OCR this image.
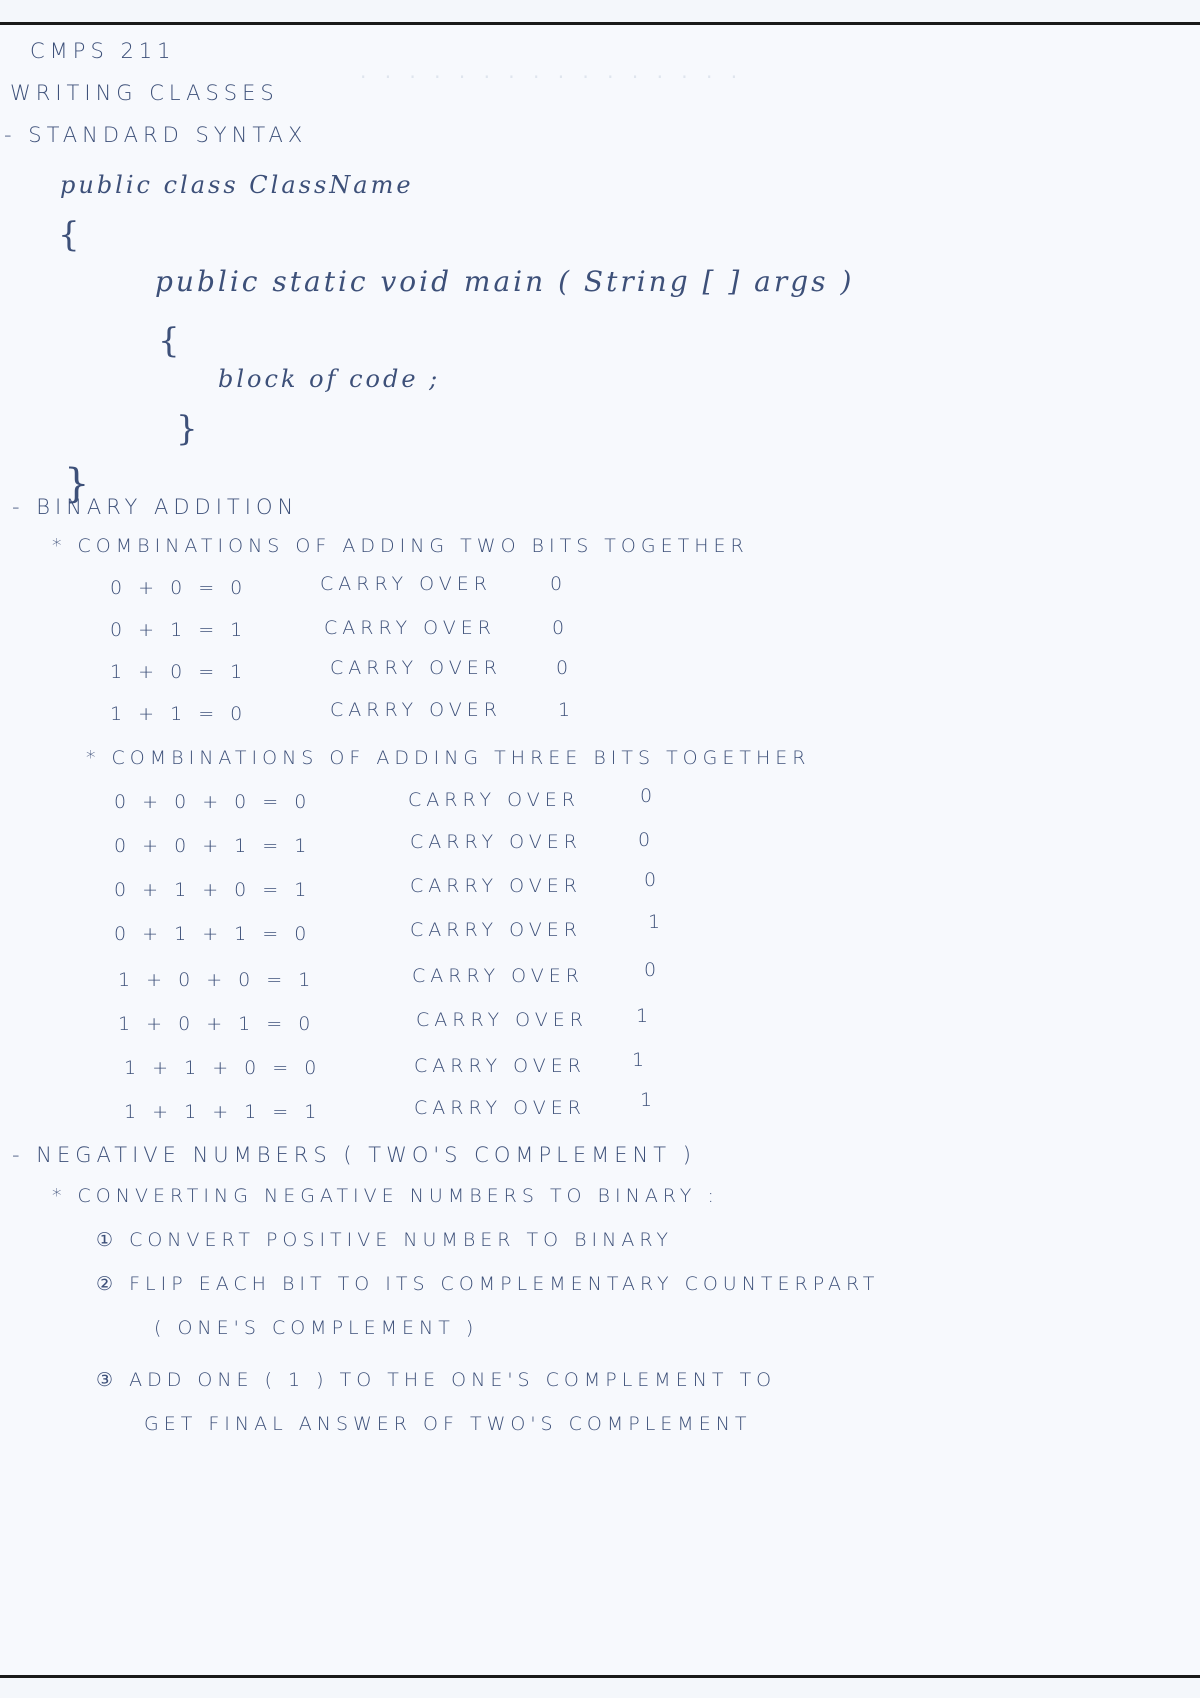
· · · · · · · · · · · · · · · ·
CMPS 211
WRITING CLASSES
- STANDARD SYNTAX
public class ClassName
{
public static void main ( String [ ] args )
{
block of code ;
}
}
- BINARY ADDITION
* COMBINATIONS OF ADDING TWO BITS TOGETHER
0 + 0 = 0	CARRY OVER	0
0 + 1 = 1	CARRY OVER	0
1 + 0 = 1	CARRY OVER	0
1 + 1 = 0	CARRY OVER	1
* COMBINATIONS OF ADDING THREE BITS TOGETHER
0 + 0 + 0 = 0	CARRY OVER	0
0 + 0 + 1 = 1	CARRY OVER	0
0 + 1 + 0 = 1	CARRY OVER	0
0 + 1 + 1 = 0	CARRY OVER	1
1 + 0 + 0 = 1	CARRY OVER	0
1 + 0 + 1 = 0	CARRY OVER	1
1 + 1 + 0 = 0	CARRY OVER 1
1 + 1 + 1 = 1	CARRY OVER	1
- NEGATIVE NUMBERS ( TWO'S COMPLEMENT )
* CONVERTING NEGATIVE NUMBERS TO BINARY :
① CONVERT POSITIVE NUMBER TO BINARY
② FLIP EACH BIT TO ITS COMPLEMENTARY COUNTERPART
( ONE'S COMPLEMENT )
③ ADD ONE ( 1 ) TO THE ONE'S COMPLEMENT TO
GET FINAL ANSWER OF TWO'S COMPLEMENT
